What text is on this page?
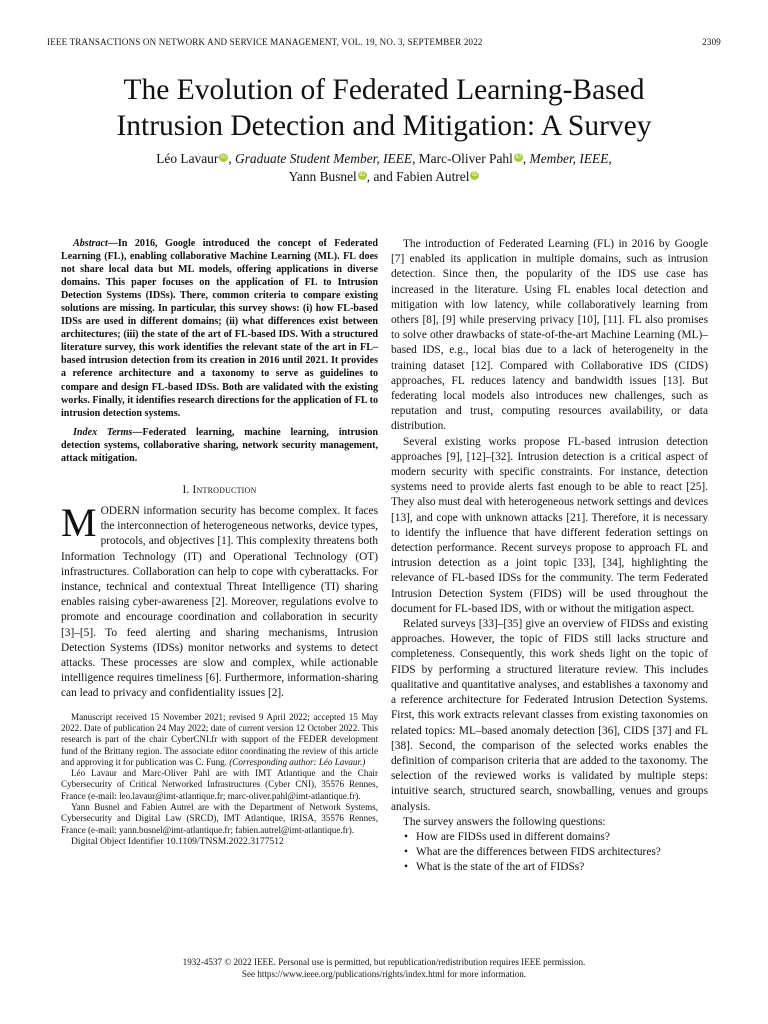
IEEE TRANSACTIONS ON NETWORK AND SERVICE MANAGEMENT, VOL. 19, NO. 3, SEPTEMBER 2022	2309
The Evolution of Federated Learning-Based
Intrusion Detection and Mitigation: A Survey
Léo Lavaur iD , Graduate Student Member, IEEE, Marc-Oliver Pahl iD , Member, IEEE,
Yann Busnel iD , and Fabien Autrel iD

Abstract—In 2016, Google introduced the concept of Federated Learning (FL), enabling collaborative Machine Learning (ML). FL does not share local data but ML models, offering applications in diverse domains. This paper focuses on the application of FL to Intrusion Detection Systems (IDSs). There, common criteria to compare existing solutions are missing. In particular, this survey shows: (i) how FL-based IDSs are used in different domains; (ii) what differences exist between architectures; (iii) the state of the art of FL-based IDS. With a structured literature survey, this work identifies the relevant state of the art in FL–based intrusion detection from its creation in 2016 until 2021. It provides a reference architecture and a taxonomy to serve as guidelines to compare and design FL-based IDSs. Both are validated with the existing works. Finally, it identifies research directions for the application of FL to intrusion detection systems.

Index Terms—Federated learning, machine learning, intrusion detection systems, collaborative sharing, network security management, attack mitigation.

I. Introduction

MODERN information security has become complex. It faces the interconnection of heterogeneous networks, device types, protocols, and objectives [1]. This complexity threatens both Information Technology (IT) and Operational Technology (OT) infrastructures. Collaboration can help to cope with cyberattacks. For instance, technical and contextual Threat Intelligence (TI) sharing enables raising cyber-awareness [2]. Moreover, regulations evolve to promote and encourage coordination and collaboration in security [3]–[5]. To feed alerting and sharing mechanisms, Intrusion Detection Systems (IDSs) monitor networks and systems to detect attacks. These processes are slow and complex, while actionable intelligence requires timeliness [6]. Furthermore, information-sharing can lead to privacy and confidentiality issues [2].

Manuscript received 15 November 2021; revised 9 April 2022; accepted 15 May 2022. Date of publication 24 May 2022; date of current version 12 October 2022. This research is part of the chair CyberCNI.fr with support of the FEDER development fund of the Brittany region. The associate editor coordinating the review of this article and approving it for publication was C. Fung. (Corresponding author: Léo Lavaur.)

Léo Lavaur and Marc-Oliver Pahl are with IMT Atlantique and the Chair Cybersecurity of Critical Networked Infrastructures (Cyber CNI), 35576 Rennes, France (e-mail: leo.lavaur@imt-atlantique.fr; marc-oliver.pahl@imt-atlantique.fr).

Yann Busnel and Fabien Autrel are with the Department of Network Systems, Cybersecurity and Digital Law (SRCD), IMT Atlantique, IRISA, 35576 Rennes, France (e-mail: yann.busnel@imt-atlantique.fr; fabien.autrel@imt-atlantique.fr).

Digital Object Identifier 10.1109/TNSM.2022.3177512

The introduction of Federated Learning (FL) in 2016 by Google [7] enabled its application in multiple domains, such as intrusion detection. Since then, the popularity of the IDS use case has increased in the literature. Using FL enables local detection and mitigation with low latency, while collaboratively learning from others [8], [9] while preserving privacy [10], [11]. FL also promises to solve other drawbacks of state-of-the-art Machine Learning (ML)–based IDS, e.g., local bias due to a lack of heterogeneity in the training dataset [12]. Compared with Collaborative IDS (CIDS) approaches, FL reduces latency and bandwidth issues [13]. But federating local models also introduces new challenges, such as reputation and trust, computing resources availability, or data distribution.

Several existing works propose FL-based intrusion detection approaches [9], [12]–[32]. Intrusion detection is a critical aspect of modern security with specific constraints. For instance, detection systems need to provide alerts fast enough to be able to react [25]. They also must deal with heterogeneous network settings and devices [13], and cope with unknown attacks [21]. Therefore, it is necessary to identify the influence that have different federation settings on detection performance. Recent surveys propose to approach FL and intrusion detection as a joint topic [33], [34], highlighting the relevance of FL-based IDSs for the community. The term Federated Intrusion Detection System (FIDS) will be used throughout the document for FL-based IDS, with or without the mitigation aspect.

Related surveys [33]–[35] give an overview of FIDSs and existing approaches. However, the topic of FIDS still lacks structure and completeness. Consequently, this work sheds light on the topic of FIDS by performing a structured literature review. This includes qualitative and quantitative analyses, and establishes a taxonomy and a reference architecture for Federated Intrusion Detection Systems. First, this work extracts relevant classes from existing taxonomies on related topics: ML–based anomaly detection [36], CIDS [37] and FL [38]. Second, the comparison of the selected works enables the definition of comparison criteria that are added to the taxonomy. The selection of the reviewed works is validated by multiple steps: intuitive search, structured search, snowballing, venues and groups analysis.

The survey answers the following questions:

• How are FIDSs used in different domains?
• What are the differences between FIDS architectures?
• What is the state of the art of FIDSs?
1932-4537 © 2022 IEEE. Personal use is permitted, but republication/redistribution requires IEEE permission.
See https://www.ieee.org/publications/rights/index.html for more information.
